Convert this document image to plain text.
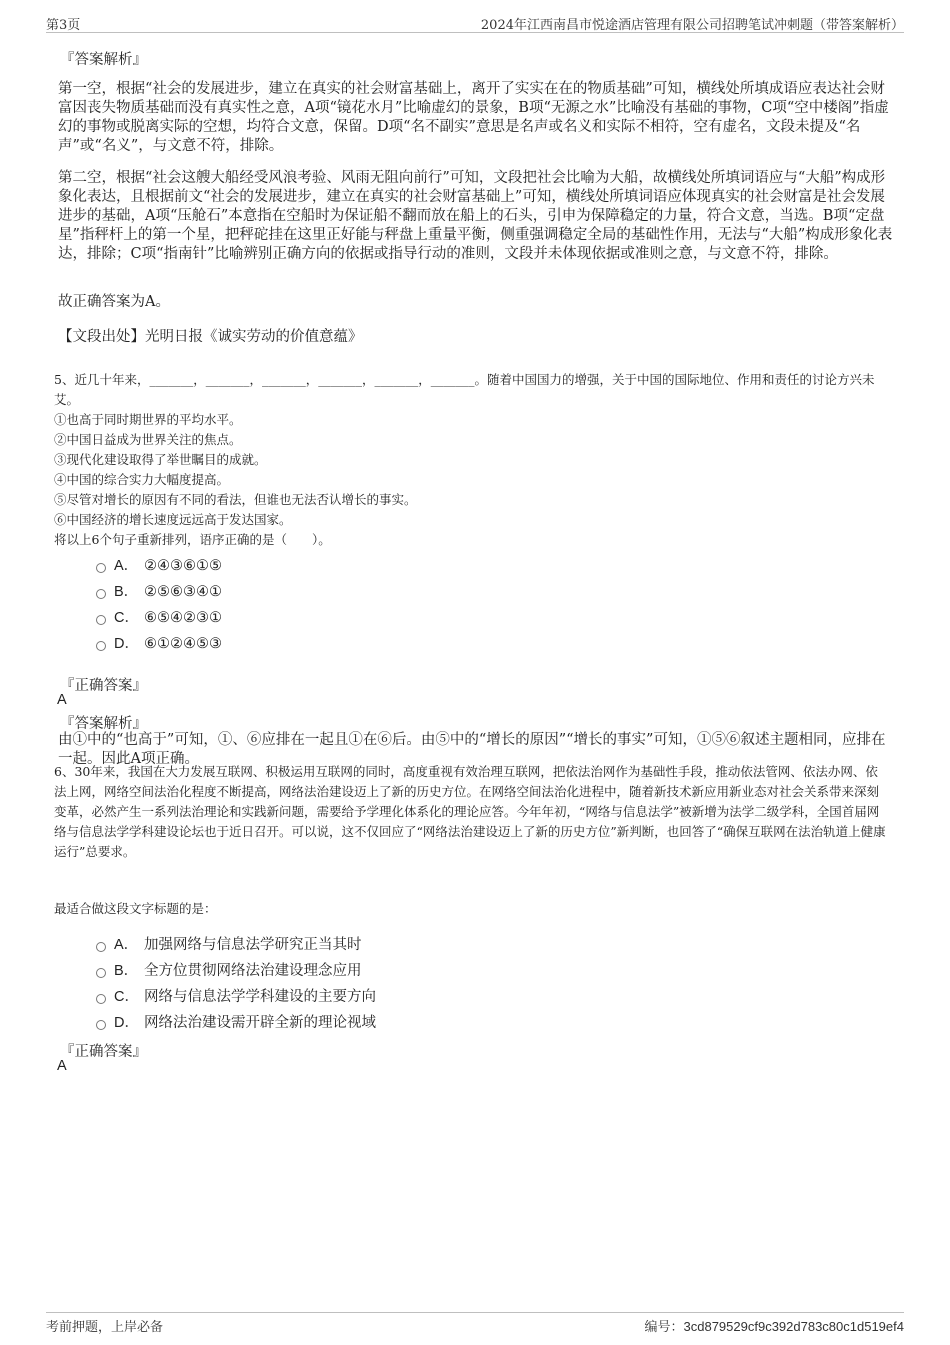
第3页	2024年江西南昌市悦途酒店管理有限公司招聘笔试冲刺题（带答案解析）
『答案解析』

第一空，根据“社会的发展进步，建立在真实的社会财富基础上，离开了实实在在的物质基础”可知，横线处所填成语应表达社会财富因丧失物质基础而没有真实性之意，A项“镜花水月”比喻虚幻的景象，B项“无源之水”比喻没有基础的事物，C项“空中楼阁”指虚幻的事物或脱离实际的空想，均符合文意，保留。D项“名不副实”意思是名声或名义和实际不相符，空有虚名，文段未提及“名声”或“名义”，与文意不符，排除。

第二空，根据“社会这艘大船经受风浪考验、风雨无阻向前行”可知，文段把社会比喻为大船，故横线处所填词语应与“大船”构成形象化表达，且根据前文“社会的发展进步，建立在真实的社会财富基础上”可知，横线处所填词语应体现真实的社会财富是社会发展进步的基础，A项“压舱石”本意指在空船时为保证船不翻而放在船上的石头，引申为保障稳定的力量，符合文意，当选。B项“定盘星”指秤杆上的第一个星，把秤砣挂在这里正好能与秤盘上重量平衡，侧重强调稳定全局的基础性作用，无法与“大船”构成形象化表达，排除；C项“指南针”比喻辨别正确方向的依据或指导行动的准则，文段并未体现依据或准则之意，与文意不符，排除。

故正确答案为A。
【文段出处】光明日报《诚实劳动的价值意蕴》
5、近几十年来，_______，_______，_______，_______，_______，_______。随着中国国力的增强，关于中国的国际地位、作用和责任的讨论方兴未艾。
①也高于同时期世界的平均水平。
②中国日益成为世界关注的焦点。
③现代化建设取得了举世瞩目的成就。
④中国的综合实力大幅度提高。
⑤尽管对增长的原因有不同的看法，但谁也无法否认增长的事实。
⑥中国经济的增长速度远远高于发达国家。
将以上6个句子重新排列，语序正确的是（　　）。
A． ②④③⑥①⑤
B． ②⑤⑥③④①
C． ⑥⑤④②③①
D． ⑥①②④⑤③
『正确答案』
A
『答案解析』
由①中的“也高于”可知，①、⑥应排在一起且①在⑥后。由⑤中的“增长的原因”“增长的事实”可知，①⑤⑥叙述主题相同，应排在一起。因此A项正确。
6、30年来，我国在大力发展互联网、积极运用互联网的同时，高度重视有效治理互联网，把依法治网作为基础性手段，推动依法管网、依法办网、依法上网，网络空间法治化程度不断提高，网络法治建设迈上了新的历史方位。在网络空间法治化进程中，随着新技术新应用新业态对社会关系带来深刻变革，必然产生一系列法治理论和实践新问题，需要给予学理化体系化的理论应答。今年年初，“网络与信息法学”被新增为法学二级学科，全国首届网络与信息法学学科建设论坛也于近日召开。可以说，这不仅回应了“网络法治建设迈上了新的历史方位”新判断，也回答了“确保互联网在法治轨道上健康运行”总要求。
最适合做这段文字标题的是：
A． 加强网络与信息法学研究正当其时
B． 全方位贯彻网络法治建设理念应用
C． 网络与信息法学学科建设的主要方向
D． 网络法治建设需开辟全新的理论视域
『正确答案』
A
考前押题，上岸必备	编号：3cd879529cf9c392d783c80c1d519ef4
